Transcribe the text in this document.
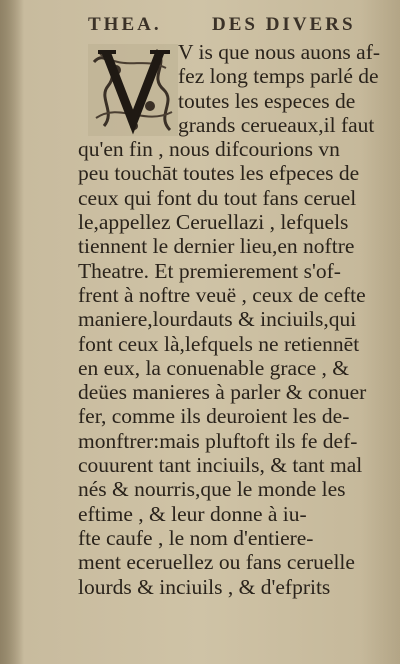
THEA.	DES DIVERS
V is que nous auons af-
fez long temps parlé de
toutes les especes de
grands cerueaux,il faut
qu'en fin , nous difcourions vn
peu touchāt toutes les efpeces de
ceux qui font du tout fans ceruel
le,appellez Ceruellazi , lefquels
tiennent le dernier lieu,en noftre
Theatre. Et premierement s'of-
frent à noftre veuë , ceux de cefte
maniere,lourdauts & inciuils,qui
font ceux là,lefquels ne retiennēt
en eux, la conuenable grace , &
deües manieres à parler & conuer
fer, comme ils deuroient les de-
monftrer:mais pluftoft ils fe def-
couurent tant inciuils, & tant mal
nés & nourris,que le monde les
eftime , & leur donne à iu-
fte caufe , le nom d'entiere-
ment eceruellez ou fans ceruelle
lourds & inciuils , & d'efprits
